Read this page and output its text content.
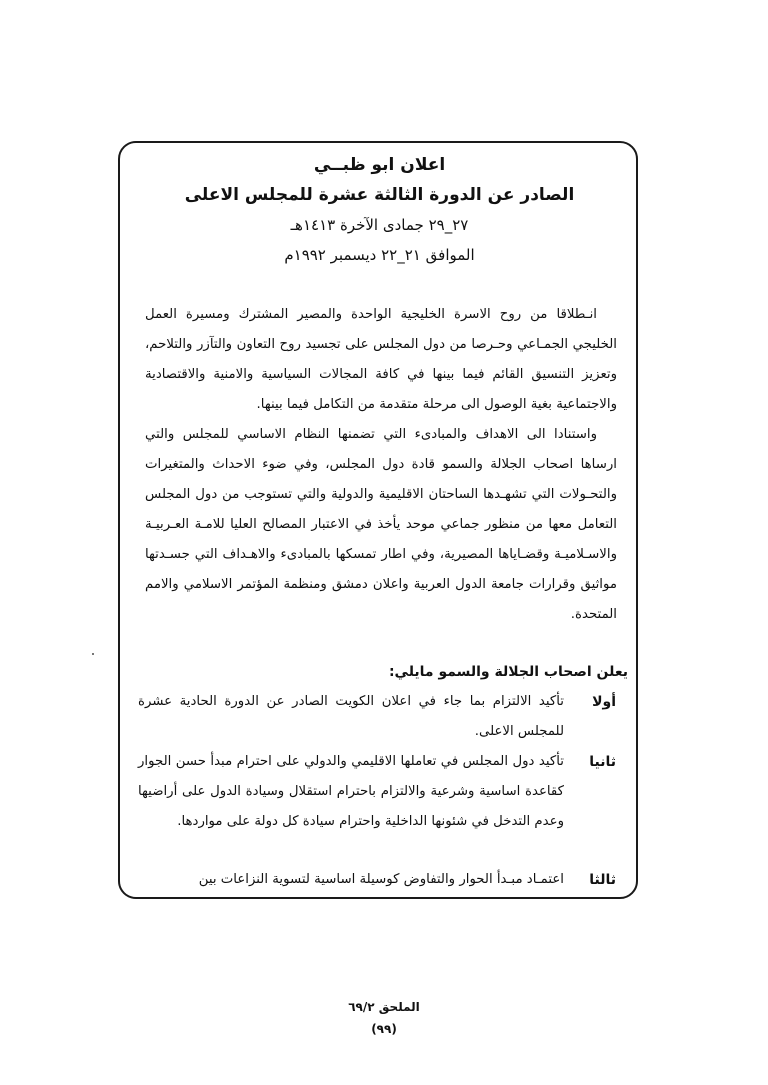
اعلان ابو ظبــي
الصادر عن الدورة الثالثة عشرة للمجلس الاعلى
٢٧_٢٩ جمادى الآخرة ١٤١٣هـ
الموافق ٢١_٢٢ ديسمبر ١٩٩٢م

انـطلاقا من روح الاسرة الخليجية الواحدة والمصير المشترك ومسيرة العمل الخليجي الجمـاعي وحـرصا من دول المجلس على تجسيد روح التعاون والتآزر والتلاحم، وتعزيز التنسيق القائم فيما بينها في كافة المجالات السياسية والامنية والاقتصادية والاجتماعية بغية الوصول الى مرحلة متقدمة من التكامل فيما بينها.

واستنادا الى الاهداف والمبادىء التي تضمنها النظام الاساسي للمجلس والتي ارساها اصحاب الجلالة والسمو قادة دول المجلس، وفي ضوء الاحداث والمتغيرات والتحـولات التي تشهـدها الساحتان الاقليمية والدولية والتي تستوجب من دول المجلس التعامل معها من منظور جماعي موحد يأخذ في الاعتبار المصالح العليا للامـة العـربيـة والاسـلاميـة وقضـاياها المصيرية، وفي اطار تمسكها بالمبادىء والاهـداف التي جسـدتها مواثيق وقرارات جامعة الدول العربية واعلان دمشق ومنظمة المؤتمر الاسلامي والامم المتحدة.

يعلن اصحاب الجلالة والسمو مايلي:
أولا
تأكيد الالتزام بما جاء في اعلان الكويت الصادر عن الدورة الحادية عشرة للمجلس الاعلى.
ثانيا
تأكيد دول المجلس في تعاملها الاقليمي والدولي على احترام مبدأ حسن الجوار كقاعدة اساسية وشرعية والالتزام باحترام استقلال وسيادة الدول على أراضيها وعدم التدخل في شئونها الداخلية واحترام سيادة كل دولة على مواردها.
ثالثا
اعتمـاد مبـدأ الحوار والتفاوض كوسيلة اساسية لتسوية النزاعات بين
الملحق ٦٩/٢
(٩٩)
